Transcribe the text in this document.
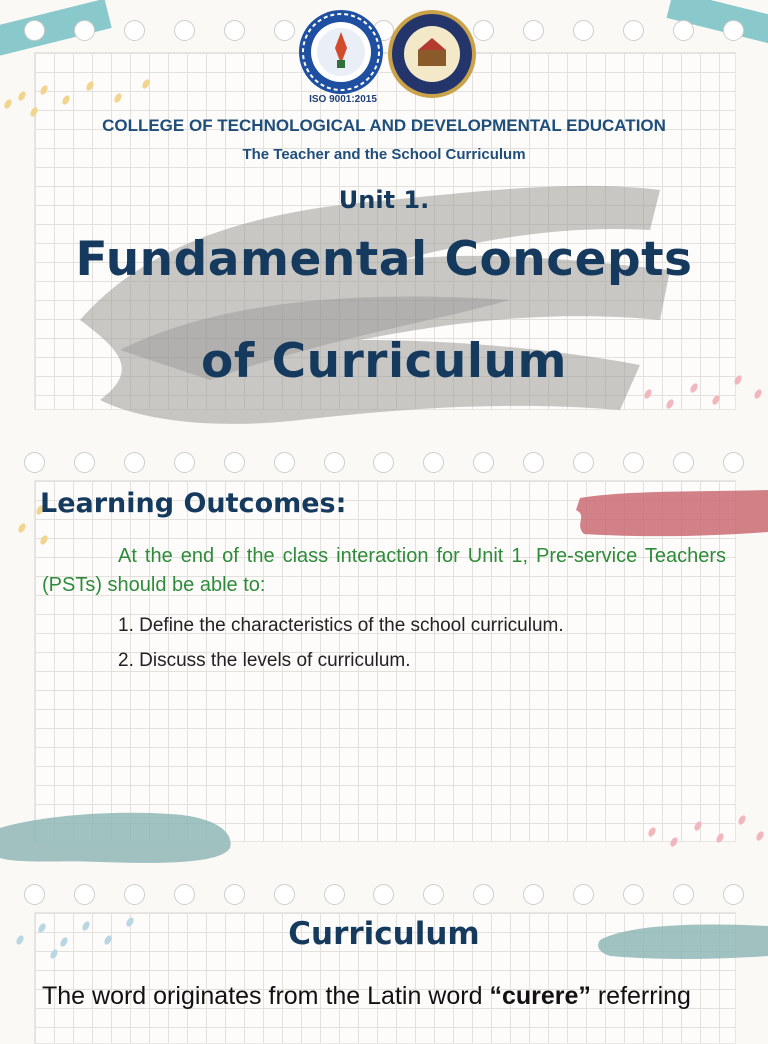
ISO 9001:2015

COLLEGE OF TECHNOLOGICAL AND DEVELOPMENTAL EDUCATION

The Teacher and the School Curriculum

Unit 1.

Fundamental Concepts

of Curriculum

Learning Outcomes:

At the end of the class interaction for Unit 1, Pre-service Teachers (PSTs) should be able to:

1. Define the characteristics of the school curriculum.

2. Discuss the levels of curriculum.

Curriculum

The word originates from the Latin word “curere” referring
